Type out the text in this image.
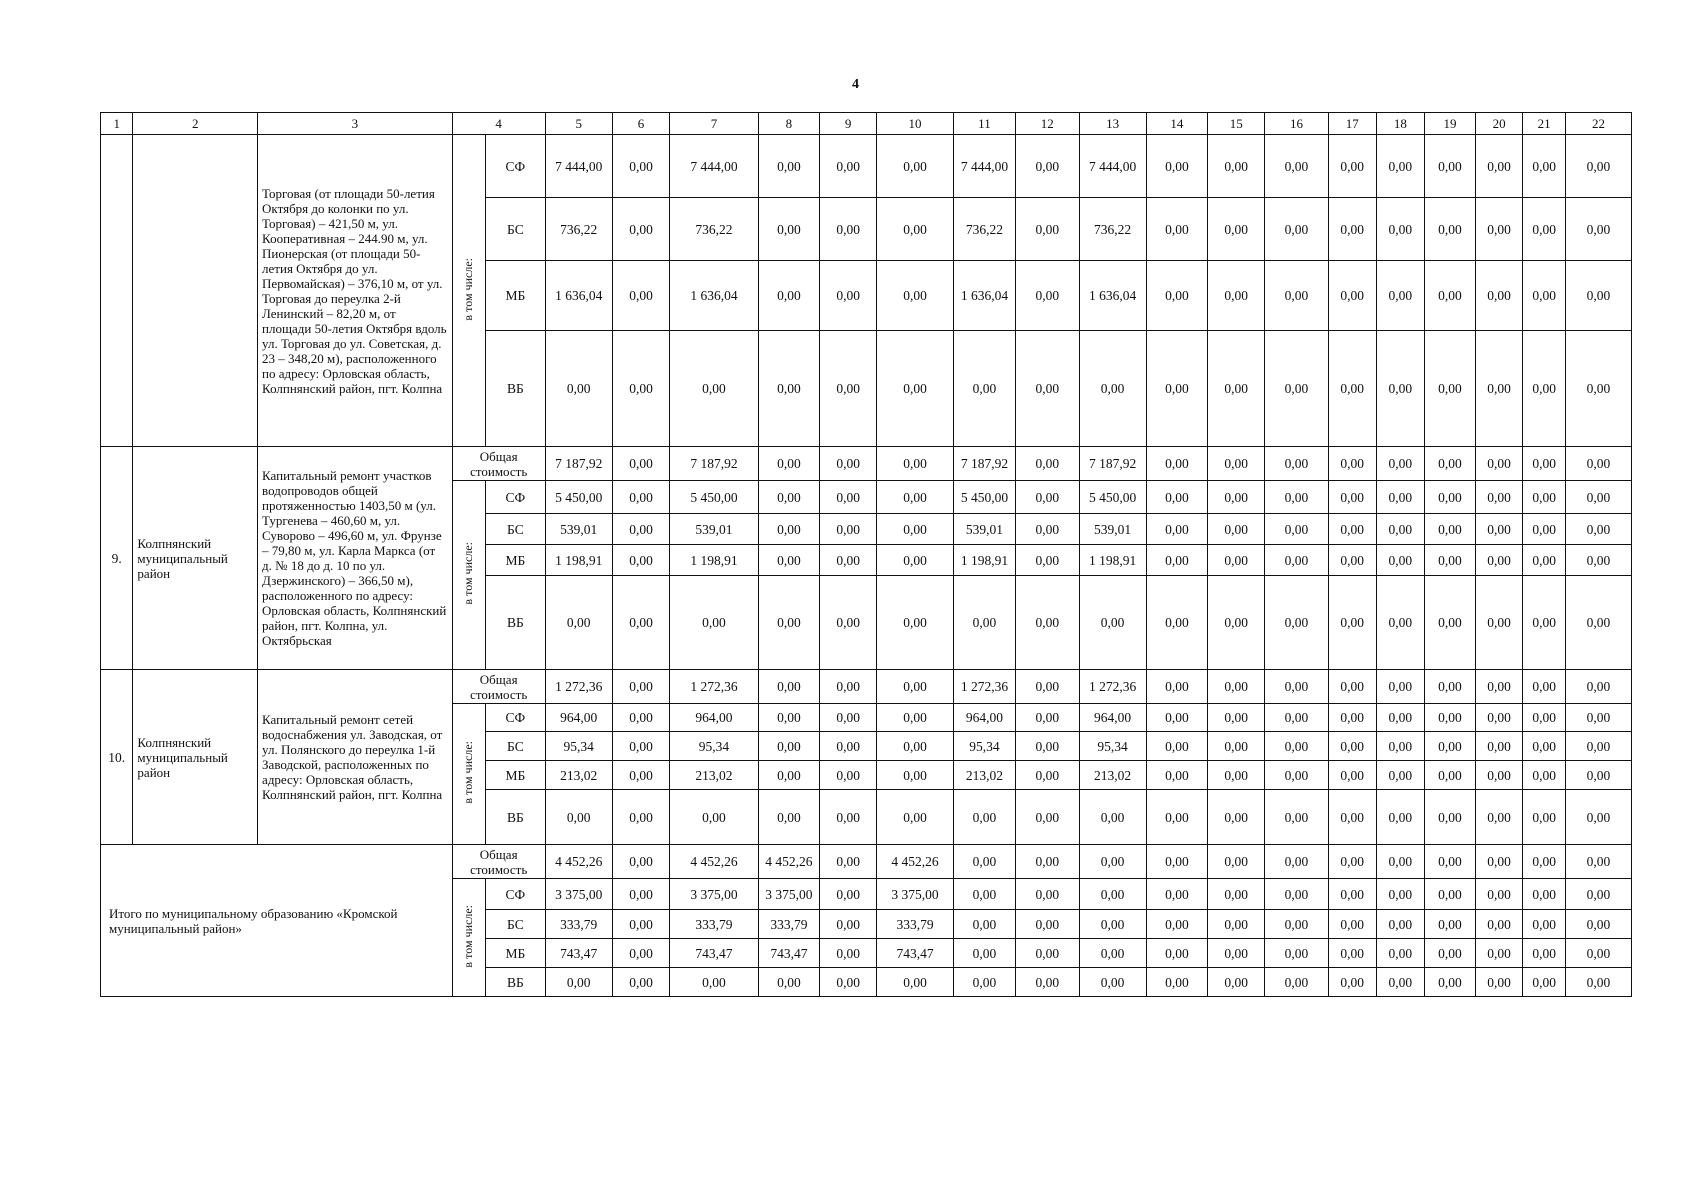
4
1	2	3	4		5	6	7	8	9	10	11	12	13	14	15	16	17	18	19	20	21	22
		Торговая (от площади 50-летия Октября до колонки по ул. Торговая) – 421,50 м, ул. Кооперативная – 244.90 м, ул. Пионерская (от площади 50-летия Октября до ул. Первомайская) – 376,10 м, от ул. Торговая до переулка 2-й Ленинский – 82,20 м, от площади 50-летия Октября вдоль ул. Торговая до ул. Советская, д. 23 – 348,20 м), расположенного по адресу: Орловская область, Колпнянский район, пгт. Колпна	в том числе:	СФ	7 444,00	0,00	7 444,00	0,00	0,00	0,00	7 444,00	0,00	7 444,00	0,00	0,00	0,00	0,00	0,00	0,00	0,00	0,00	0,00
				БС	736,22	0,00	736,22	0,00	0,00	0,00	736,22	0,00	736,22	0,00	0,00	0,00	0,00	0,00	0,00	0,00	0,00	0,00
				МБ	1 636,04	0,00	1 636,04	0,00	0,00	0,00	1 636,04	0,00	1 636,04	0,00	0,00	0,00	0,00	0,00	0,00	0,00	0,00	0,00
				ВБ	0,00	0,00	0,00	0,00	0,00	0,00	0,00	0,00	0,00	0,00	0,00	0,00	0,00	0,00	0,00	0,00	0,00	0,00
9.	Колпнянский муниципальный район	Капитальный ремонт участков водопроводов общей протяженностью 1403,50 м (ул. Тургенева – 460,60 м, ул. Суворово – 496,60 м, ул. Фрунзе – 79,80 м, ул. Карла Маркса (от д. № 18 до д. 10 по ул. Дзержинского) – 366,50 м), расположенного по адресу: Орловская область, Колпнянский район, пгт. Колпна, ул. Октябрьская	Общая стоимость		7 187,92	0,00	7 187,92	0,00	0,00	0,00	7 187,92	0,00	7 187,92	0,00	0,00	0,00	0,00	0,00	0,00	0,00	0,00	0,00
			в том числе:	СФ	5 450,00	0,00	5 450,00	0,00	0,00	0,00	5 450,00	0,00	5 450,00	0,00	0,00	0,00	0,00	0,00	0,00	0,00	0,00	0,00
				БС	539,01	0,00	539,01	0,00	0,00	0,00	539,01	0,00	539,01	0,00	0,00	0,00	0,00	0,00	0,00	0,00	0,00	0,00
				МБ	1 198,91	0,00	1 198,91	0,00	0,00	0,00	1 198,91	0,00	1 198,91	0,00	0,00	0,00	0,00	0,00	0,00	0,00	0,00	0,00
				ВБ	0,00	0,00	0,00	0,00	0,00	0,00	0,00	0,00	0,00	0,00	0,00	0,00	0,00	0,00	0,00	0,00	0,00	0,00
10.	Колпнянский муниципальный район	Капитальный ремонт сетей водоснабжения ул. Заводская, от ул. Полянского до переулка 1-й Заводской, расположенных по адресу: Орловская область, Колпнянский район, пгт. Колпна	Общая стоимость		1 272,36	0,00	1 272,36	0,00	0,00	0,00	1 272,36	0,00	1 272,36	0,00	0,00	0,00	0,00	0,00	0,00	0,00	0,00	0,00
			в том числе:	СФ	964,00	0,00	964,00	0,00	0,00	0,00	964,00	0,00	964,00	0,00	0,00	0,00	0,00	0,00	0,00	0,00	0,00	0,00
				БС	95,34	0,00	95,34	0,00	0,00	0,00	95,34	0,00	95,34	0,00	0,00	0,00	0,00	0,00	0,00	0,00	0,00	0,00
				МБ	213,02	0,00	213,02	0,00	0,00	0,00	213,02	0,00	213,02	0,00	0,00	0,00	0,00	0,00	0,00	0,00	0,00	0,00
				ВБ	0,00	0,00	0,00	0,00	0,00	0,00	0,00	0,00	0,00	0,00	0,00	0,00	0,00	0,00	0,00	0,00	0,00	0,00
Итого по муниципальному образованию «Кромской муниципальный район»			Общая стоимость		4 452,26	0,00	4 452,26	4 452,26	0,00	4 452,26	0,00	0,00	0,00	0,00	0,00	0,00	0,00	0,00	0,00	0,00	0,00	0,00
			в том числе:	СФ	3 375,00	0,00	3 375,00	3 375,00	0,00	3 375,00	0,00	0,00	0,00	0,00	0,00	0,00	0,00	0,00	0,00	0,00	0,00	0,00
				БС	333,79	0,00	333,79	333,79	0,00	333,79	0,00	0,00	0,00	0,00	0,00	0,00	0,00	0,00	0,00	0,00	0,00	0,00
				МБ	743,47	0,00	743,47	743,47	0,00	743,47	0,00	0,00	0,00	0,00	0,00	0,00	0,00	0,00	0,00	0,00	0,00	0,00
				ВБ	0,00	0,00	0,00	0,00	0,00	0,00	0,00	0,00	0,00	0,00	0,00	0,00	0,00	0,00	0,00	0,00	0,00	0,00
